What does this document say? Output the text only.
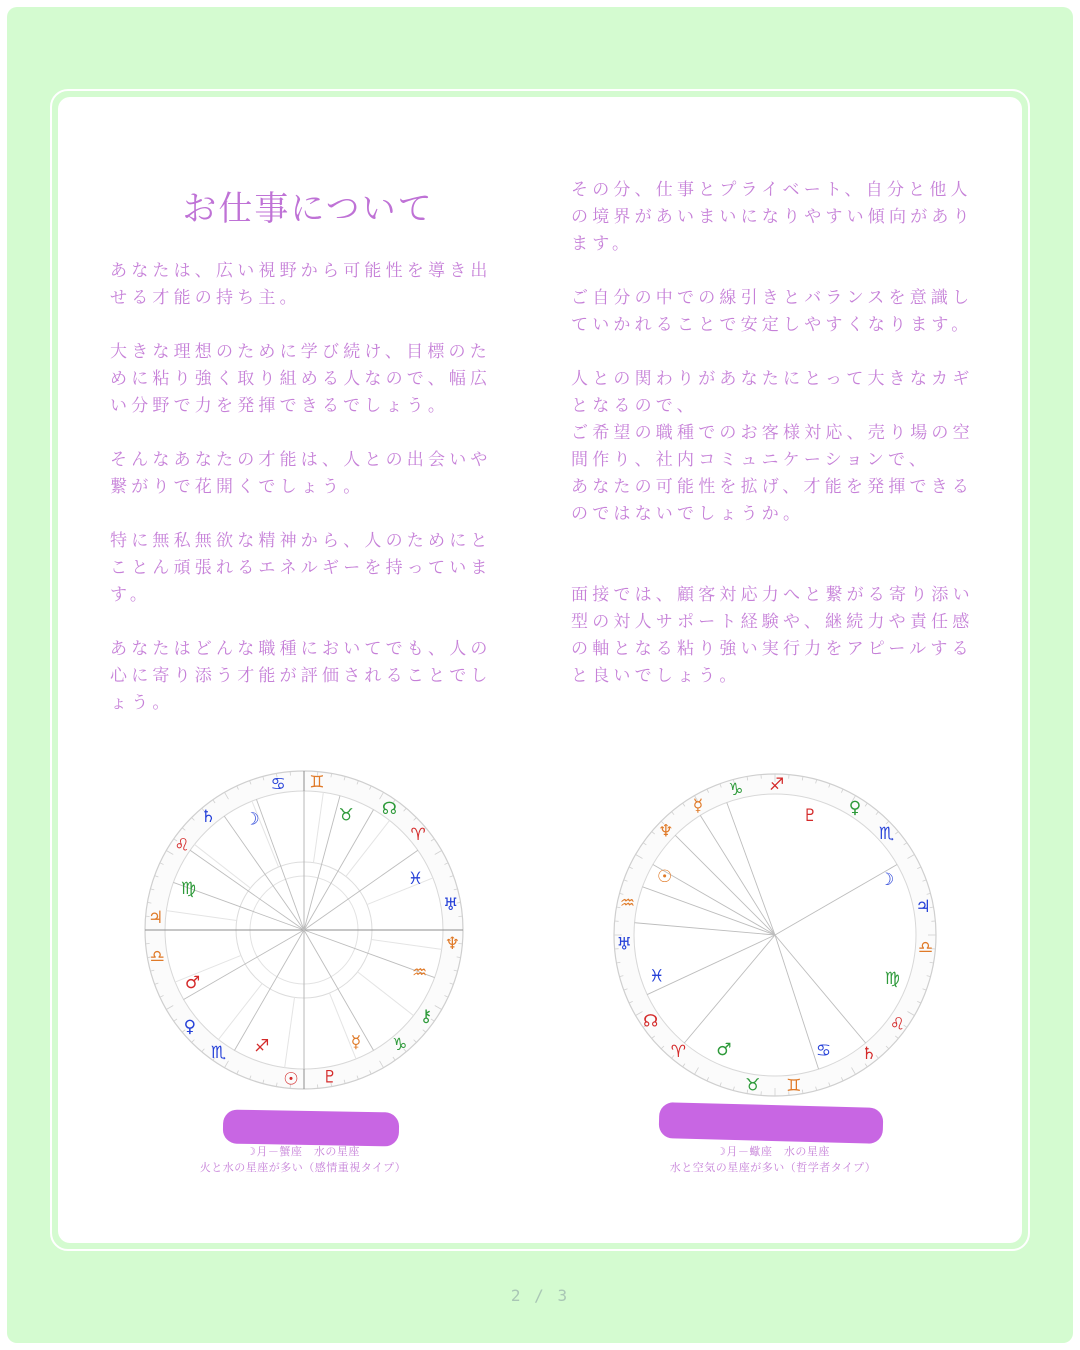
お仕事について

あなたは、広い視野から可能性を導き出せる才能の持ち主。

大きな理想のために学び続け、目標のために粘り強く取り組める人なので、幅広い分野で力を発揮できるでしょう。

そんなあなたの才能は、人との出会いや繋がりで花開くでしょう。

特に無私無欲な精神から、人のためにとことん頑張れるエネルギーを持っています。

あなたはどんな職種においてでも、人の心に寄り添う才能が評価されることでしょう。

その分、仕事とプライベート、自分と他人の境界があいまいになりやすい傾向があります。

ご自分の中での線引きとバランスを意識していかれることで安定しやすくなります。

人との関わりがあなたにとって大きなカギとなるので、
ご希望の職種でのお客様対応、売り場の空間作り、社内コミュニケーションで、
あなたの可能性を拡げ、才能を発揮できるのではないでしょうか。

面接では、顧客対応力へと繋がる寄り添い型の対人サポート経験や、継続力や責任感の軸となる粘り強い実行力をアピールすると良いでしょう。

♋ ♊
♉ ☊
♈
♓
♅
♆
♒
⚷
♑
☿
♇
☉
♐
♏
♀
♂
♎
♃
♍
♌
♄ ☽
♑ ♐
♇ ♀
♏
☽
♃
♎
♍
♌
♄
♋
♊
♉
♂
♈
☊
♓
♅
♒
☉
♆
☿
☽月－蟹座　水の星座
火と水の星座が多い（感情重視タイプ）
☽月－蠍座　水の星座
水と空気の星座が多い（哲学者タイプ）
2 / 3
